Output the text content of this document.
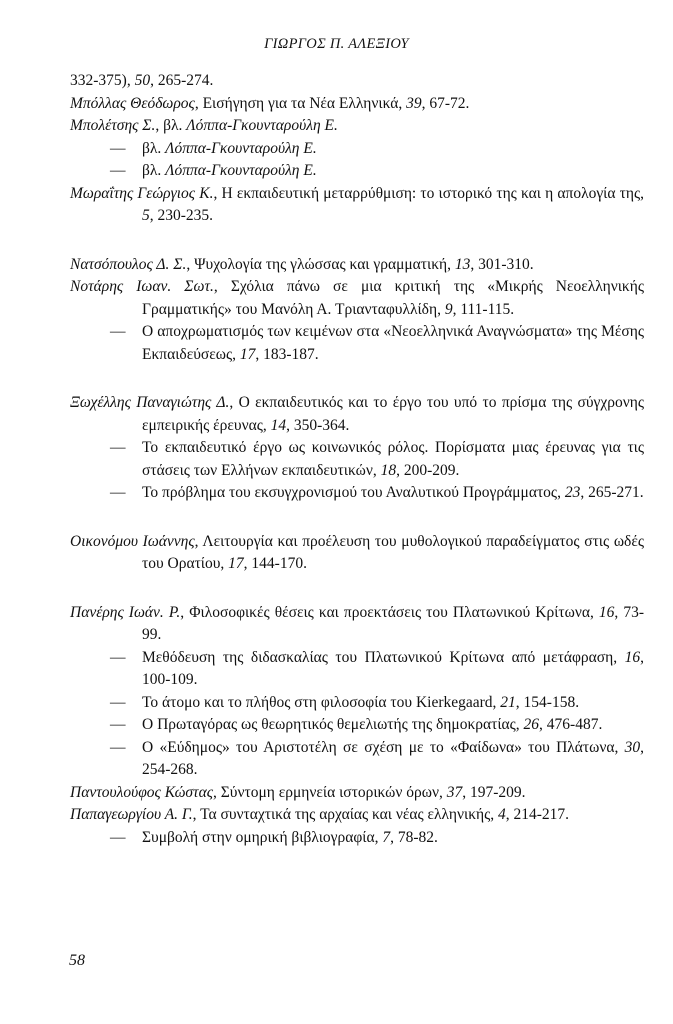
ΓΙΩΡΓΟΣ Π. ΑΛΕΞΙΟΥ

332-375), 50, 265-274.

Μπόλλας Θεόδωρος, Εισήγηση για τα Νέα Ελληνικά, 39, 67-72.

Μπολέτσης Σ., βλ. Λόππα-Γκουνταρούλη Ε.

— βλ. Λόππα-Γκουνταρούλη Ε.

— βλ. Λόππα-Γκουνταρούλη Ε.

Μωραΐτης Γεώργιος Κ., Η εκπαιδευτική μεταρρύθμιση: το ιστορικό της και η απολογία της, 5, 230-235.

Νατσόπουλος Δ. Σ., Ψυχολογία της γλώσσας και γραμματική, 13, 301-310.

Νοτάρης Ιωαν. Σωτ., Σχόλια πάνω σε μια κριτική της «Μικρής Νεοελληνικής Γραμματικής» του Μανόλη Α. Τριανταφυλλίδη, 9, 111-115.

— Ο αποχρωματισμός των κειμένων στα «Νεοελληνικά Αναγνώσματα» της Μέσης Εκπαιδεύσεως, 17, 183-187.

Ξωχέλλης Παναγιώτης Δ., Ο εκπαιδευτικός και το έργο του υπό το πρίσμα της σύγχρονης εμπειρικής έρευνας, 14, 350-364.

— Το εκπαιδευτικό έργο ως κοινωνικός ρόλος. Πορίσματα μιας έρευνας για τις στάσεις των Ελλήνων εκπαιδευτικών, 18, 200-209.

— Το πρόβλημα του εκσυγχρονισμού του Αναλυτικού Προγράμματος, 23, 265-271.

Οικονόμου Ιωάννης, Λειτουργία και προέλευση του μυθολογικού παραδείγματος στις ωδές του Ορατίου, 17, 144-170.

Πανέρης Ιωάν. Ρ., Φιλοσοφικές θέσεις και προεκτάσεις του Πλατωνικού Κρίτωνα, 16, 73-99.

— Μεθόδευση της διδασκαλίας του Πλατωνικού Κρίτωνα από μετάφραση, 16, 100-109.

— Το άτομο και το πλήθος στη φιλοσοφία του Kierkegaard, 21, 154-158.

— Ο Πρωταγόρας ως θεωρητικός θεμελιωτής της δημοκρατίας, 26, 476-487.

— Ο «Εύδημος» του Αριστοτέλη σε σχέση με το «Φαίδωνα» του Πλάτωνα, 30, 254-268.

Παντουλούφος Κώστας, Σύντομη ερμηνεία ιστορικών όρων, 37, 197-209.

Παπαγεωργίου Α. Γ., Τα συνταχτικά της αρχαίας και νέας ελληνικής, 4, 214-217.

— Συμβολή στην ομηρική βιβλιογραφία, 7, 78-82.

58
